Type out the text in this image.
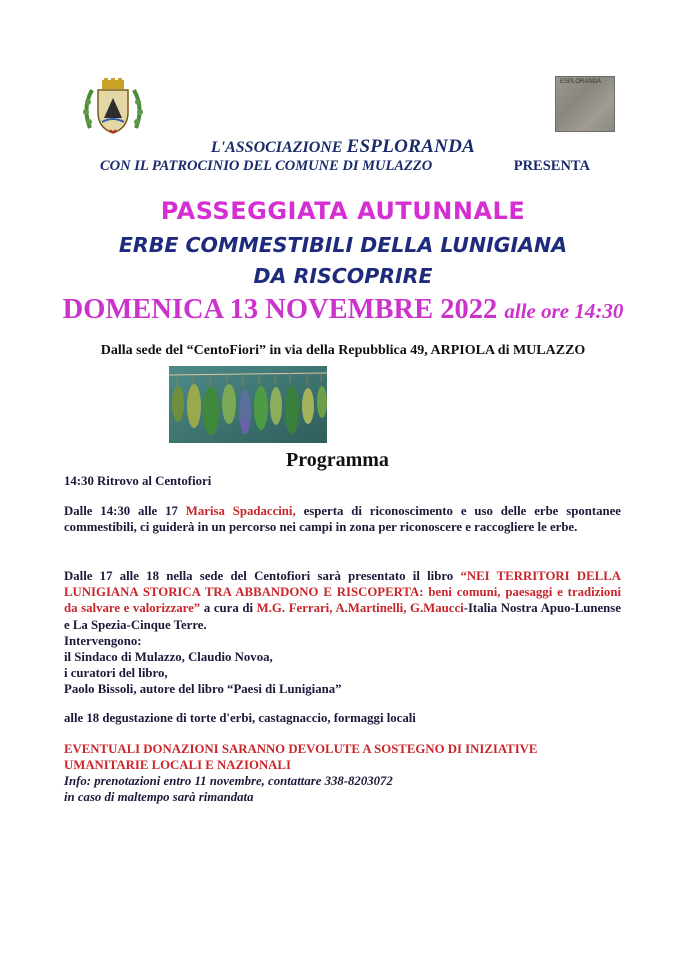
ESPLORANDA
L'ASSOCIAZIONE ESPLORANDA
CON IL PATROCINIO DEL COMUNE DI MULAZZO	PRESENTA
PASSEGGIATA AUTUNNALE
ERBE COMMESTIBILI DELLA LUNIGIANA
DA RISCOPRIRE
DOMENICA 13 NOVEMBRE 2022 alle ore 14:30
Dalla sede del “CentoFiori” in via della Repubblica 49, ARPIOLA di MULAZZO
Programma
14:30 Ritrovo al Centofiori
Dalle 14:30 alle 17 Marisa Spadaccini, esperta di riconoscimento e uso delle erbe spontanee commestibili, ci guiderà in un percorso nei campi in zona per riconoscere e raccogliere le erbe.
Dalle 17 alle 18 nella sede del Centofiori sarà presentato il libro “NEI TERRITORI DELLA LUNIGIANA STORICA TRA ABBANDONO E RISCOPERTA: beni comuni, paesaggi e tradizioni da salvare e valorizzare” a cura di M.G. Ferrari, A.Martinelli, G.Maucci-Italia Nostra Apuo-Lunense e La Spezia-Cinque Terre.
Intervengono:
il Sindaco di Mulazzo, Claudio Novoa,
i curatori del libro,
Paolo Bissoli, autore del libro “Paesi di Lunigiana”
alle 18 degustazione di torte d'erbi, castagnaccio, formaggi locali
EVENTUALI DONAZIONI SARANNO DEVOLUTE A SOSTEGNO DI INIZIATIVE UMANITARIE LOCALI E NAZIONALI
Info: prenotazioni entro 11 novembre, contattare 338-8203072
in caso di maltempo sarà rimandata
